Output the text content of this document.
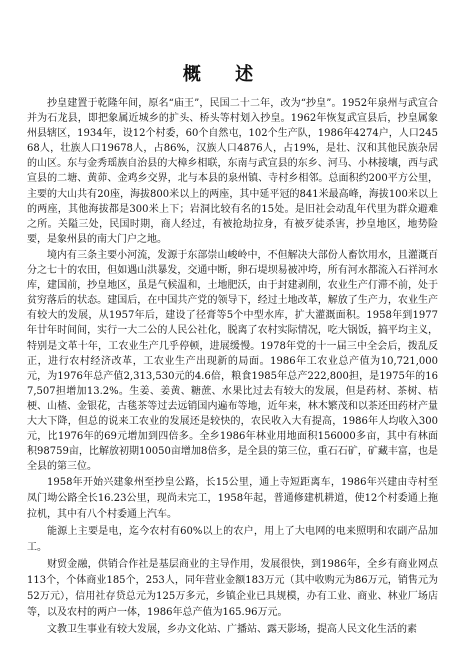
概 述

抄皇建置于乾隆年间，原名“庙王”，民国二十二年，改为“抄皇”。1952年泉州与武宣合并为石龙县，即把象属近城乡的扩头、桥头等村划入抄皇。1962年恢复武宣县后，抄皇属象州县辖区，1934年，设12个村委，60个自然屯，102个生产队，1986年4274户，人口24568人，壮族人口19678人，占86%，汉族人口4876人，占19%，是壮、汉和其他民族杂居的山区。东与金秀瑶族自治县的大樟乡相联，东南与武宣县的东乡、河马、小林接壤，西与武宣县的二塘、黄茆、金鸡乡交界，北与本县的泉州镇、寺村乡相邻。总面积约200平方公里，主要的大山共有20座，海拔800米以上的两座，其中延平冠的841米最高峰，海拔100米以上的两座，其他海拔都是300米上下；岩洞比较有名的15处。是旧社会动乱年代里为群众避难之所。关隘三处，民国时期，商人经过，有被抢劫拉身，有被歹徒杀害，抄皇地区，地势险要，是象州县的南大门户之地。

境内有三条主要小河流，发源于东部崇山峻岭中，不但解决大部份人畜饮用水，且灌溉百分之七十的农田，但如遇山洪暴发，交通中断，卵石堤坝易被冲垮，所有河水都流入石祥河水库，建国前，抄皇地区，虽是气候温和，土地肥沃，由于封建剥削，农业生产仃滞不前，处于贫穷落后的状态。建国后，在中国共产党的领导下，经过土地改革，解放了生产力，农业生产有较大的发展，从1957年后，建设了径膏等5个中型水库，扩大灌溉面积。1958年到1977年廿年时间间，实行一大二公的人民公社化，脱离了农村实际情况，吃大锅饭，搞平均主义，特别是文革十年，工农业生产几乎停顿，进展缓慢。1978年党的十一届三中全会后，拨乱反正，进行农村经济改革，工农业生产出现新的局面。1986年工农业总产值为10,721,000元，为1976年总产值2,313,530元的4.6倍，粮食1985年总产222,800担，是1975年的167,507担增加13.2%。生姜、姜黄、糖蔗、水果比过去有较大的发展，但是药材、茶树、桔梗、山楂、金银花，古毯茶等过去远销国内遍布等地，近年来，林木繁茂和以茶还田药材产量大大下降，但总的说来工农业的发展还是较快的，农民收入大有提高，1986年人均收入300元，比1976年的69元增加到四倍多。全乡1986年林业用地面积156000多亩，其中有林面积98759亩，比解放初期10050亩增加8倍多，是全县的第三位，重石石矿，矿藏丰富，也是全县的第三位。

1958年开始兴建象州至抄皇公路，长15公里，通上寺短距离车，1986年兴建由寺村至凤门坳公路全长16.23公里，现尚未完工，1958年起，普通修建机耕道，使12个村委通上拖拉机，其中有八个村委通上汽车。

能源上主要是电，迄今农村有60%以上的农户，用上了大电网的电来照明和农副产品加工。

财贸金融，供销合作社是基层商业的主导作用，发展很快，到1986年，全乡有商业网点113个，个体商业185个，253人，同年营业金额183万元（其中收购元为86万元，销售元为52万元），信用社存贷总元为125万多元，乡镇企业已具规模，办有工业、商业、林业厂场店等，以及农村的两户一体，1986年总产值为165.96万元。

文教卫生事业有较大发展，乡办文化站、广播站、露天影场，提高人民文化生活的素
